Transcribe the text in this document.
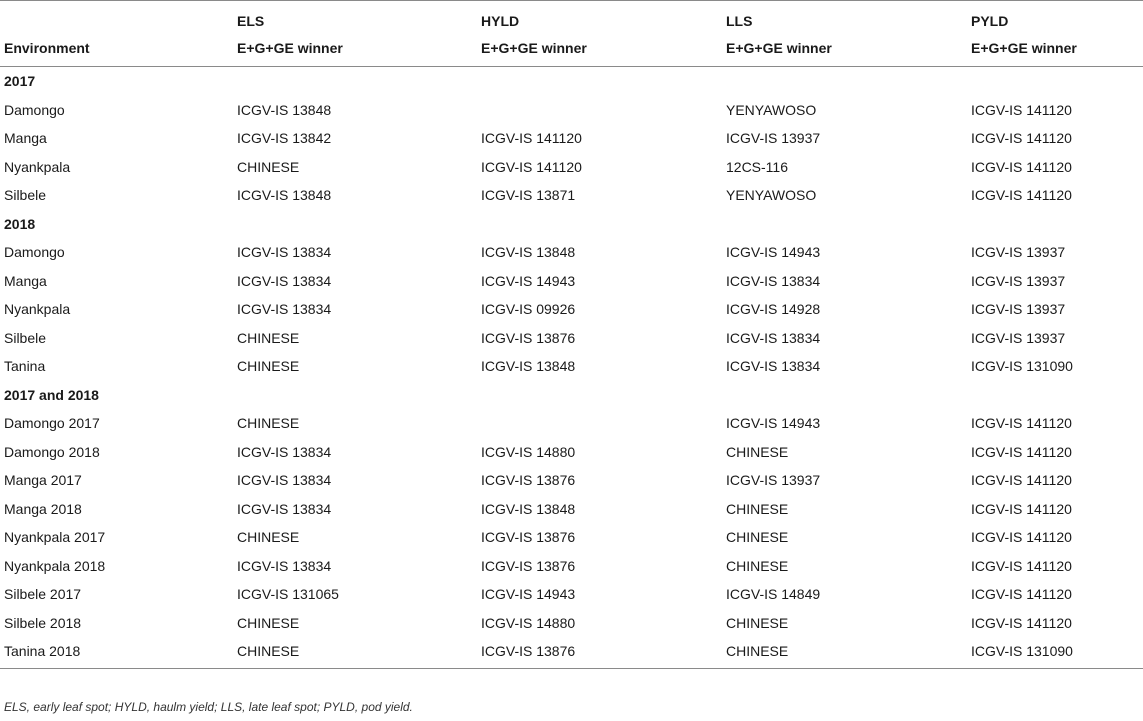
	ELS	HYLD	LLS	PYLD
Environment	E+G+GE winner	E+G+GE winner	E+G+GE winner	E+G+GE winner
2017				
Damongo	ICGV-IS 13848		YENYAWOSO	ICGV-IS 141120
Manga	ICGV-IS 13842	ICGV-IS 141120	ICGV-IS 13937	ICGV-IS 141120
Nyankpala	CHINESE	ICGV-IS 141120	12CS-116	ICGV-IS 141120
Silbele	ICGV-IS 13848	ICGV-IS 13871	YENYAWOSO	ICGV-IS 141120
2018				
Damongo	ICGV-IS 13834	ICGV-IS 13848	ICGV-IS 14943	ICGV-IS 13937
Manga	ICGV-IS 13834	ICGV-IS 14943	ICGV-IS 13834	ICGV-IS 13937
Nyankpala	ICGV-IS 13834	ICGV-IS 09926	ICGV-IS 14928	ICGV-IS 13937
Silbele	CHINESE	ICGV-IS 13876	ICGV-IS 13834	ICGV-IS 13937
Tanina	CHINESE	ICGV-IS 13848	ICGV-IS 13834	ICGV-IS 131090
2017 and 2018				
Damongo 2017	CHINESE		ICGV-IS 14943	ICGV-IS 141120
Damongo 2018	ICGV-IS 13834	ICGV-IS 14880	CHINESE	ICGV-IS 141120
Manga 2017	ICGV-IS 13834	ICGV-IS 13876	ICGV-IS 13937	ICGV-IS 141120
Manga 2018	ICGV-IS 13834	ICGV-IS 13848	CHINESE	ICGV-IS 141120
Nyankpala 2017	CHINESE	ICGV-IS 13876	CHINESE	ICGV-IS 141120
Nyankpala 2018	ICGV-IS 13834	ICGV-IS 13876	CHINESE	ICGV-IS 141120
Silbele 2017	ICGV-IS 131065	ICGV-IS 14943	ICGV-IS 14849	ICGV-IS 141120
Silbele 2018	CHINESE	ICGV-IS 14880	CHINESE	ICGV-IS 141120
Tanina 2018	CHINESE	ICGV-IS 13876	CHINESE	ICGV-IS 131090
ELS, early leaf spot; HYLD, haulm yield; LLS, late leaf spot; PYLD, pod yield.
